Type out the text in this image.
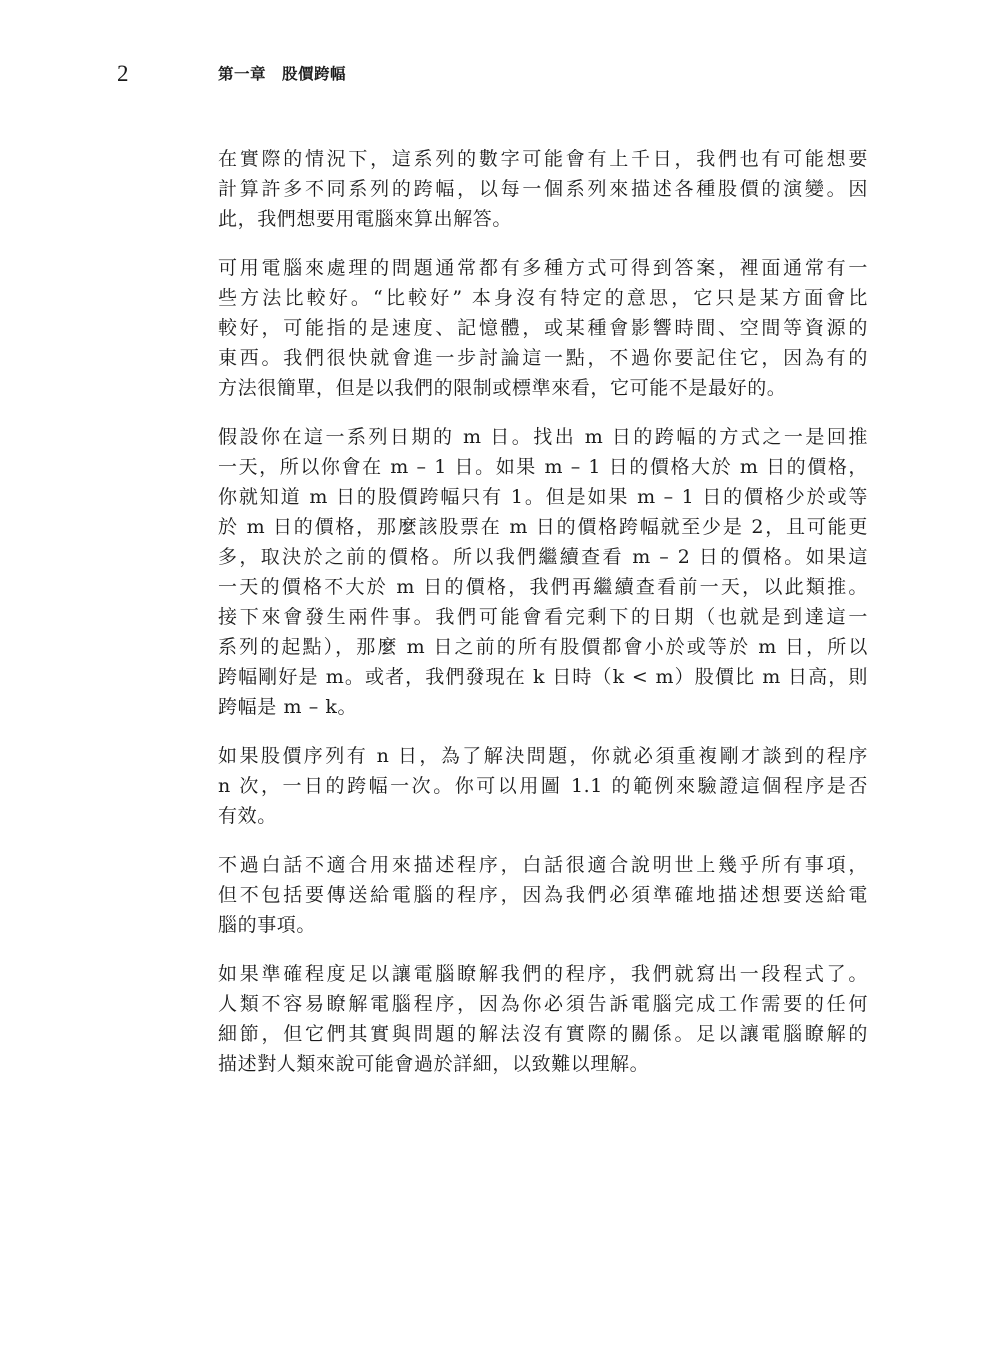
2	第一章　股價跨幅
在實際的情況下，這系列的數字可能會有上千日，我們也有可能想要
計算許多不同系列的跨幅，以每一個系列來描述各種股價的演變。因
此，我們想要用電腦來算出解答。
可用電腦來處理的問題通常都有多種方式可得到答案，裡面通常有一
些方法比較好。“比較好” 本身沒有特定的意思，它只是某方面會比
較好，可能指的是速度、記憶體，或某種會影響時間、空間等資源的
東西。我們很快就會進一步討論這一點，不過你要記住它，因為有的
方法很簡單，但是以我們的限制或標準來看，它可能不是最好的。
假設你在這一系列日期的 m 日。找出 m 日的跨幅的方式之一是回推
一天，所以你會在 m – 1 日。如果 m – 1 日的價格大於 m 日的價格，
你就知道 m 日的股價跨幅只有 1。但是如果 m – 1 日的價格少於或等
於 m 日的價格，那麼該股票在 m 日的價格跨幅就至少是 2，且可能更
多，取決於之前的價格。所以我們繼續查看 m – 2 日的價格。如果這
一天的價格不大於 m 日的價格，我們再繼續查看前一天，以此類推。
接下來會發生兩件事。我們可能會看完剩下的日期（也就是到達這一
系列的起點），那麼 m 日之前的所有股價都會小於或等於 m 日，所以
跨幅剛好是 m。或者，我們發現在 k 日時（k < m）股價比 m 日高，則
跨幅是 m – k。
如果股價序列有 n 日，為了解決問題，你就必須重複剛才談到的程序
n 次，一日的跨幅一次。你可以用圖 1.1 的範例來驗證這個程序是否
有效。
不過白話不適合用來描述程序，白話很適合說明世上幾乎所有事項，
但不包括要傳送給電腦的程序，因為我們必須準確地描述想要送給電
腦的事項。
如果準確程度足以讓電腦瞭解我們的程序，我們就寫出一段程式了。
人類不容易瞭解電腦程序，因為你必須告訴電腦完成工作需要的任何
細節，但它們其實與問題的解法沒有實際的關係。足以讓電腦瞭解的
描述對人類來說可能會過於詳細，以致難以理解。
